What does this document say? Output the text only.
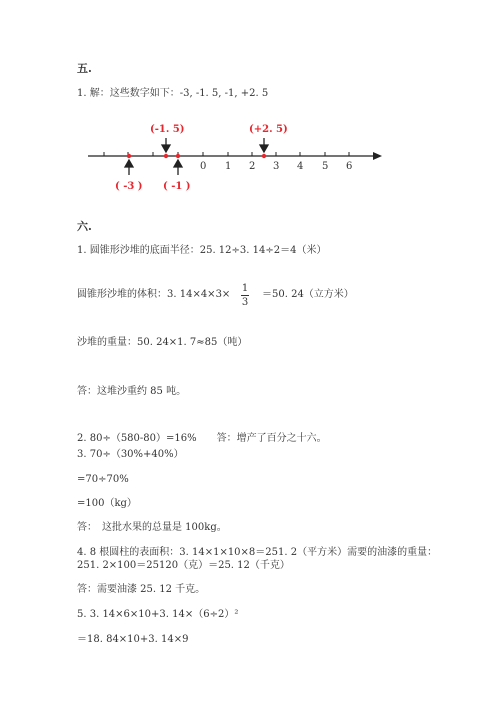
五.
1. 解：这些数字如下：-3, -1. 5, -1, +2. 5
0 1 2 3 4 5 6
(-1. 5)	(+2. 5)
( -3 ) ( -1 )
六.
1. 圆锥形沙堆的底面半径：25. 12÷3. 14÷2＝4（米）
圆锥形沙堆的体积：3. 14×4×3×
1
3
＝50. 24（立方米）
沙堆的重量：50. 24×1. 7≈85（吨）
答：这堆沙重约 85 吨。
2. 80÷（580-80）=16%　　答：增产了百分之十六。
3. 70÷（30%+40%）
=70÷70%
=100（kg）
答：　这批水果的总量是 100kg。
4. 8 根圆柱的表面积：3. 14×1×10×8＝251. 2（平方米）需要的油漆的重量：
251. 2×100＝25120（克）＝25. 12（千克）
答：需要油漆 25. 12 千克。
5. 3. 14×6×10+3. 14×（6÷2）²
＝18. 84×10+3. 14×9
